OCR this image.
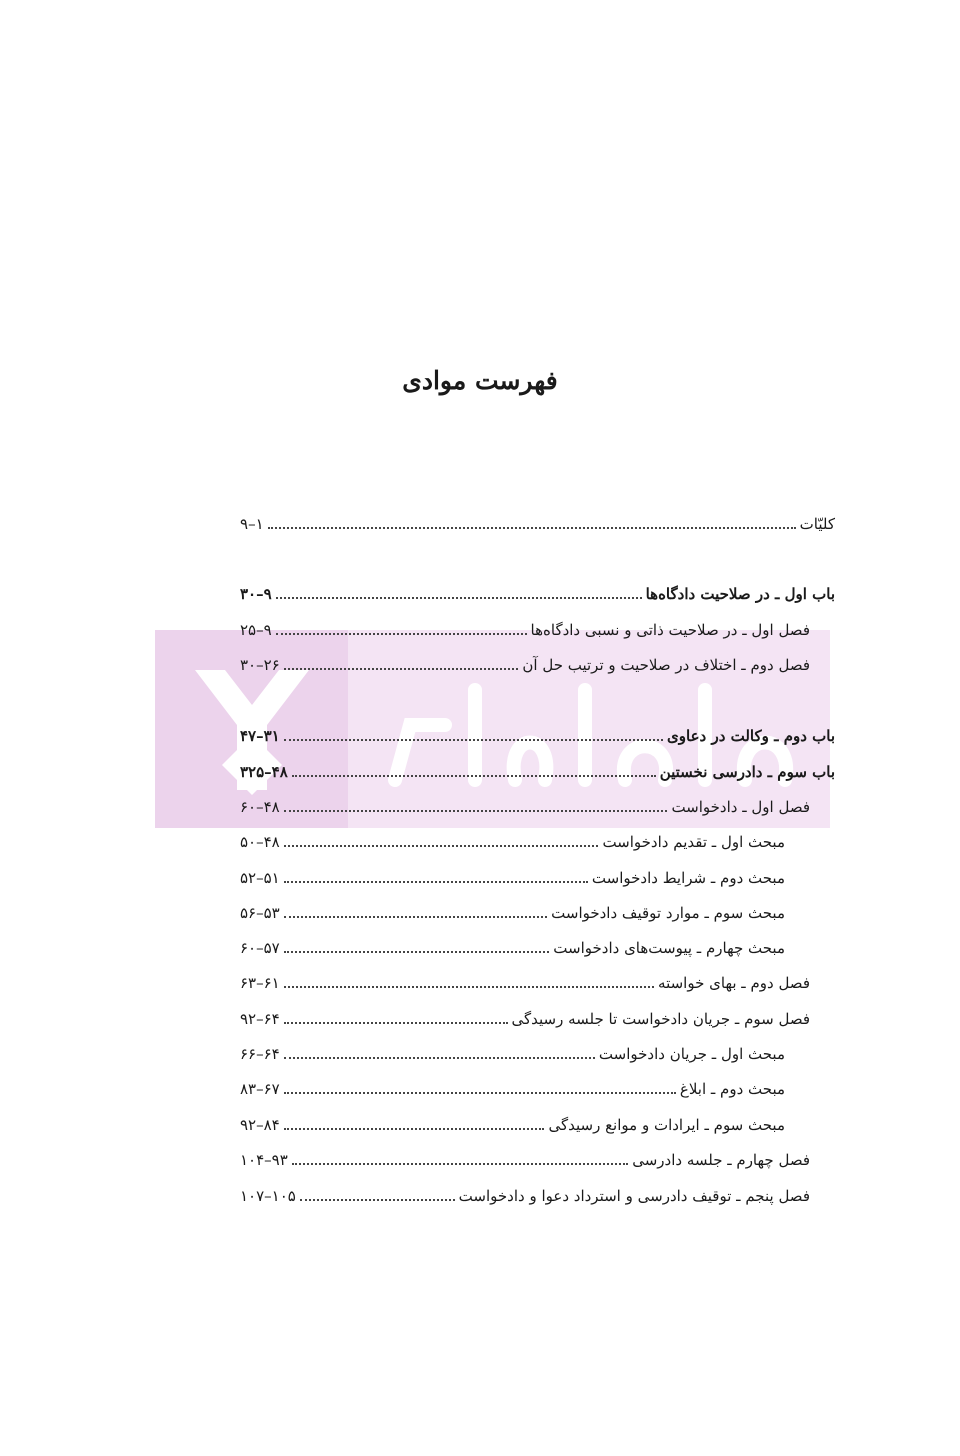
فهرست موادی
کلیّات
۱–۹
باب اول ـ در صلاحیت دادگاه‌ها
۹–۳۰
فصل اول ـ در صلاحیت ذاتی و نسبی دادگاه‌ها
۹–۲۵
فصل دوم ـ اختلاف در صلاحیت و ترتیب حل آن
۲۶–۳۰
باب دوم ـ وکالت در دعاوی
۳۱–۴۷
باب سوم ـ دادرسی نخستین
۴۸–۳۲۵
فصل اول ـ دادخواست
۴۸–۶۰
مبحث اول ـ تقدیم دادخواست
۴۸–۵۰
مبحث دوم ـ شرایط دادخواست
۵۱–۵۲
مبحث سوم ـ موارد توقیف دادخواست
۵۳–۵۶
مبحث چهارم ـ پیوست‌های دادخواست
۵۷–۶۰
فصل دوم ـ بهای خواسته
۶۱–۶۳
فصل سوم ـ جریان دادخواست تا جلسه رسیدگی
۶۴–۹۲
مبحث اول ـ جریان دادخواست
۶۴–۶۶
مبحث دوم ـ ابلاغ
۶۷–۸۳
مبحث سوم ـ ایرادات و موانع رسیدگی
۸۴–۹۲
فصل چهارم ـ جلسه دادرسی
۹۳–۱۰۴
فصل پنجم ـ توقیف دادرسی و استرداد دعوا و دادخواست
۱۰۵–۱۰۷
